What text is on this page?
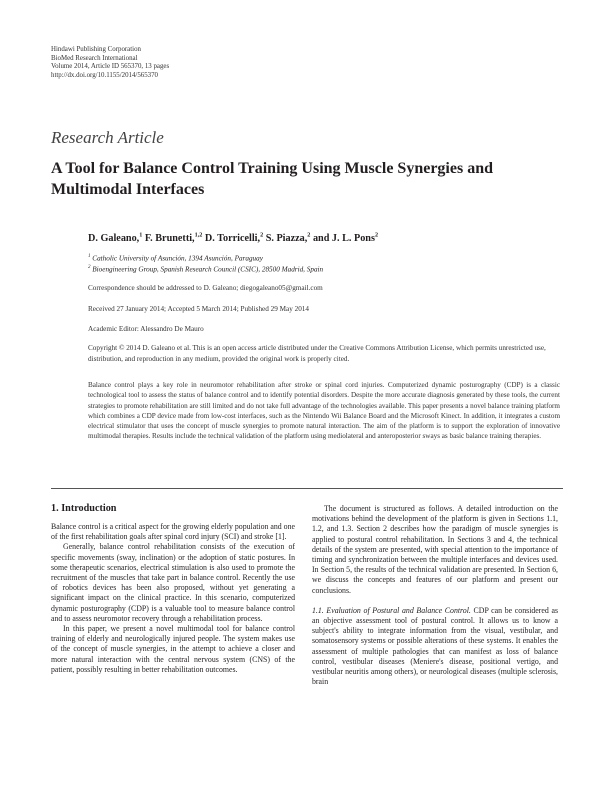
Hindawi Publishing Corporation
BioMed Research International
Volume 2014, Article ID 565370, 13 pages
http://dx.doi.org/10.1155/2014/565370
Research Article
A Tool for Balance Control Training Using Muscle Synergies and Multimodal Interfaces
D. Galeano,$^1$ F. Brunetti,$^{1,2}$ D. Torricelli,$^2$ S. Piazza,$^2$ and J. L. Pons$^2$
$^1$ Catholic University of Asunción, 1394 Asunción, Paraguay
$^2$ Bioengineering Group, Spanish Research Council (CSIC), 28500 Madrid, Spain
Correspondence should be addressed to D. Galeano; diegogaleano05@gmail.com
Received 27 January 2014; Accepted 5 March 2014; Published 29 May 2014
Academic Editor: Alessandro De Mauro
Copyright © 2014 D. Galeano et al. This is an open access article distributed under the Creative Commons Attribution License, which permits unrestricted use, distribution, and reproduction in any medium, provided the original work is properly cited.
Balance control plays a key role in neuromotor rehabilitation after stroke or spinal cord injuries. Computerized dynamic posturography (CDP) is a classic technological tool to assess the status of balance control and to identify potential disorders. Despite the more accurate diagnosis generated by these tools, the current strategies to promote rehabilitation are still limited and do not take full advantage of the technologies available. This paper presents a novel balance training platform which combines a CDP device made from low-cost interfaces, such as the Nintendo Wii Balance Board and the Microsoft Kinect. In addition, it integrates a custom electrical stimulator that uses the concept of muscle synergies to promote natural interaction. The aim of the platform is to support the exploration of innovative multimodal therapies. Results include the technical validation of the platform using mediolateral and anteroposterior sways as basic balance training therapies.
1. Introduction

Balance control is a critical aspect for the growing elderly population and one of the first rehabilitation goals after spinal cord injury (SCI) and stroke [1].

Generally, balance control rehabilitation consists of the execution of specific movements (sway, inclination) or the adoption of static postures. In some therapeutic scenarios, electrical stimulation is also used to promote the recruitment of the muscles that take part in balance control. Recently the use of robotics devices has been also proposed, without yet generating a significant impact on the clinical practice. In this scenario, computerized dynamic posturography (CDP) is a valuable tool to measure balance control and to assess neuromotor recovery through a rehabilitation process.

In this paper, we present a novel multimodal tool for balance control training of elderly and neurologically injured people. The system makes use of the concept of muscle synergies, in the attempt to achieve a closer and more natural interaction with the central nervous system (CNS) of the patient, possibly resulting in better rehabilitation outcomes.

The document is structured as follows. A detailed introduction on the motivations behind the development of the platform is given in Sections 1.1, 1.2, and 1.3. Section 2 describes how the paradigm of muscle synergies is applied to postural control rehabilitation. In Sections 3 and 4, the technical details of the system are presented, with special attention to the importance of timing and synchronization between the multiple interfaces and devices used. In Section 5, the results of the technical validation are presented. In Section 6, we discuss the concepts and features of our platform and present our conclusions.

1.1. Evaluation of Postural and Balance Control. CDP can be considered as an objective assessment tool of postural control. It allows us to know a subject's ability to integrate information from the visual, vestibular, and somatosensory systems or possible alterations of these systems. It enables the assessment of multiple pathologies that can manifest as loss of balance control, vestibular diseases (Meniere's disease, positional vertigo, and vestibular neuritis among others), or neurological diseases (multiple sclerosis, brain
